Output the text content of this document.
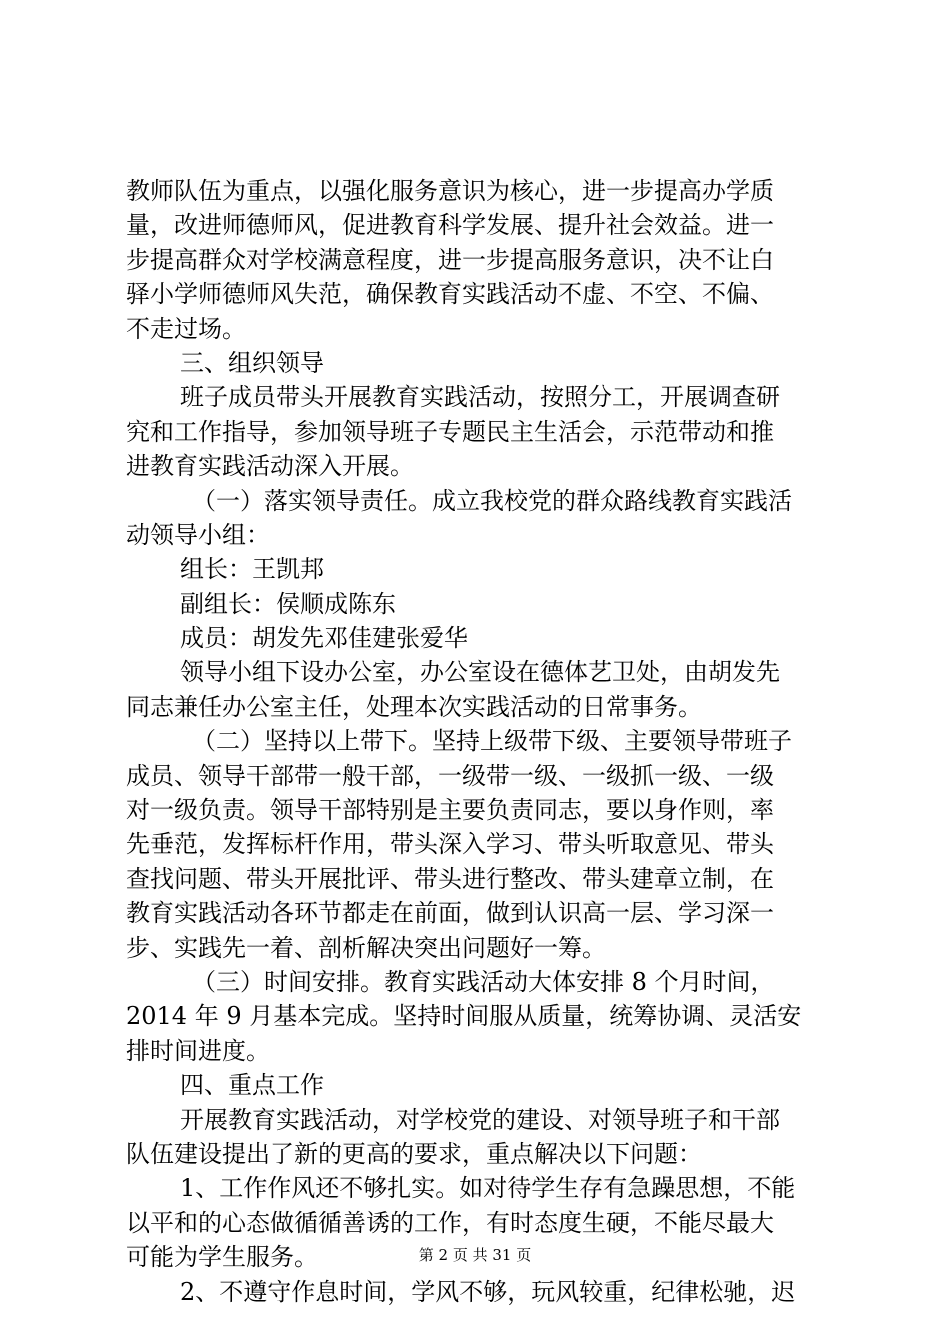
教师队伍为重点，以强化服务意识为核心，进一步提高办学质
量，改进师德师风，促进教育科学发展、提升社会效益。进一
步提高群众对学校满意程度，进一步提高服务意识，决不让白
驿小学师德师风失范，确保教育实践活动不虚、不空、不偏、
不走过场。
三、组织领导
班子成员带头开展教育实践活动，按照分工，开展调查研
究和工作指导，参加领导班子专题民主生活会，示范带动和推
进教育实践活动深入开展。
（一）落实领导责任。成立我校党的群众路线教育实践活
动领导小组：
组长：王凯邦
副组长：侯顺成陈东
成员：胡发先邓佳建张爱华
领导小组下设办公室，办公室设在德体艺卫处，由胡发先
同志兼任办公室主任，处理本次实践活动的日常事务。
（二）坚持以上带下。坚持上级带下级、主要领导带班子
成员、领导干部带一般干部，一级带一级、一级抓一级、一级
对一级负责。领导干部特别是主要负责同志，要以身作则，率
先垂范，发挥标杆作用，带头深入学习、带头听取意见、带头
查找问题、带头开展批评、带头进行整改、带头建章立制，在
教育实践活动各环节都走在前面，做到认识高一层、学习深一
步、实践先一着、剖析解决突出问题好一筹。
（三）时间安排。教育实践活动大体安排 8 个月时间，
2014 年 9 月基本完成。坚持时间服从质量，统筹协调、灵活安
排时间进度。
四、重点工作
开展教育实践活动，对学校党的建设、对领导班子和干部
队伍建设提出了新的更高的要求，重点解决以下问题：
1、工作作风还不够扎实。如对待学生存有急躁思想，不能
以平和的心态做循循善诱的工作，有时态度生硬，不能尽最大
可能为学生服务。
2、不遵守作息时间，学风不够，玩风较重，纪律松驰，迟
第 2 页 共 31 页
